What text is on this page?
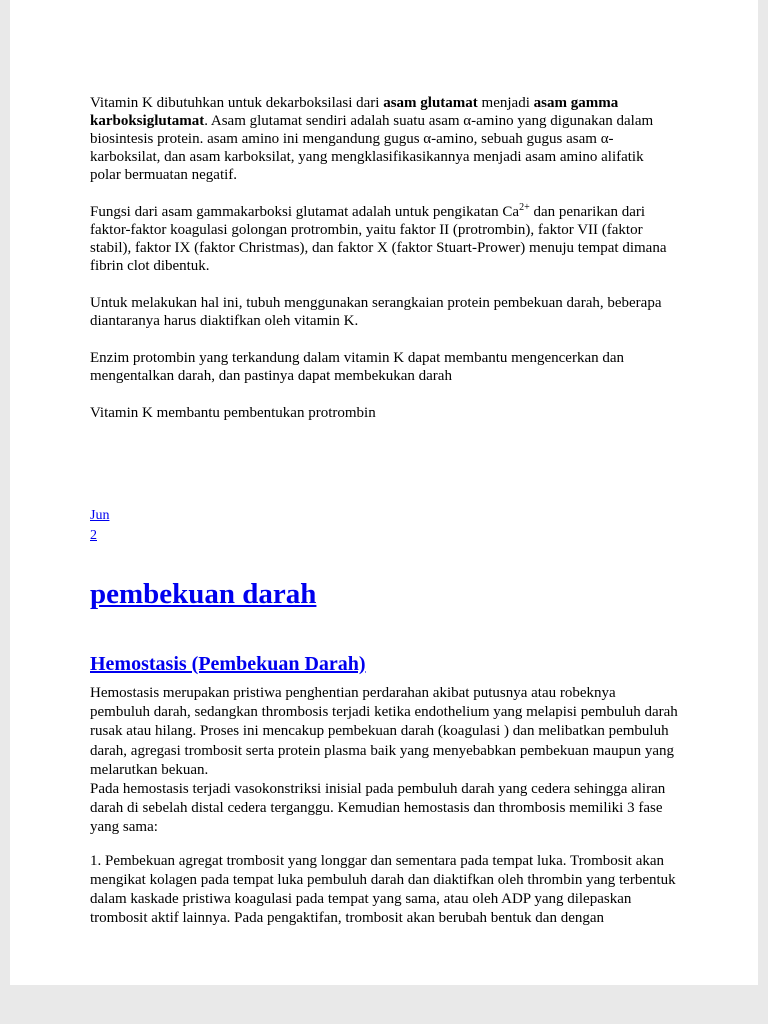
Vitamin K dibutuhkan untuk dekarboksilasi dari asam glutamat menjadi asam gamma karboksiglutamat. Asam glutamat sendiri adalah suatu asam α-amino yang digunakan dalam biosintesis protein. asam amino ini mengandung gugus α-amino, sebuah gugus asam α-karboksilat, dan asam karboksilat, yang mengklasifikasikannya menjadi asam amino alifatik polar bermuatan negatif.

Fungsi dari asam gammakarboksi glutamat adalah untuk pengikatan $Ca^{2+}$ dan penarikan dari faktor-faktor koagulasi golongan protrombin, yaitu faktor II (protrombin), faktor VII (faktor stabil), faktor IX (faktor Christmas), dan faktor X (faktor Stuart-Prower) menuju tempat dimana fibrin clot dibentuk.

Untuk melakukan hal ini, tubuh menggunakan serangkaian protein pembekuan darah, beberapa diantaranya harus diaktifkan oleh vitamin K.

Enzim protombin yang terkandung dalam vitamin K dapat membantu mengencerkan dan mengentalkan darah, dan pastinya dapat membekukan darah

Vitamin K membantu pembentukan protrombin

Jun
2
pembekuan darah
Hemostasis (Pembekuan Darah)

Hemostasis merupakan pristiwa penghentian perdarahan akibat putusnya atau robeknya pembuluh darah, sedangkan thrombosis terjadi ketika endothelium yang melapisi pembuluh darah rusak atau hilang. Proses ini mencakup pembekuan darah (koagulasi ) dan melibatkan pembuluh darah, agregasi trombosit serta protein plasma baik yang menyebabkan pembekuan maupun yang melarutkan bekuan.

Pada hemostasis terjadi vasokonstriksi inisial pada pembuluh darah yang cedera sehingga aliran darah di sebelah distal cedera terganggu. Kemudian hemostasis dan thrombosis memiliki 3 fase yang sama:

1. Pembekuan agregat trombosit yang longgar dan sementara pada tempat luka. Trombosit akan mengikat kolagen pada tempat luka pembuluh darah dan diaktifkan oleh thrombin yang terbentuk dalam kaskade pristiwa koagulasi pada tempat yang sama, atau oleh ADP yang dilepaskan trombosit aktif lainnya. Pada pengaktifan, trombosit akan berubah bentuk dan dengan
